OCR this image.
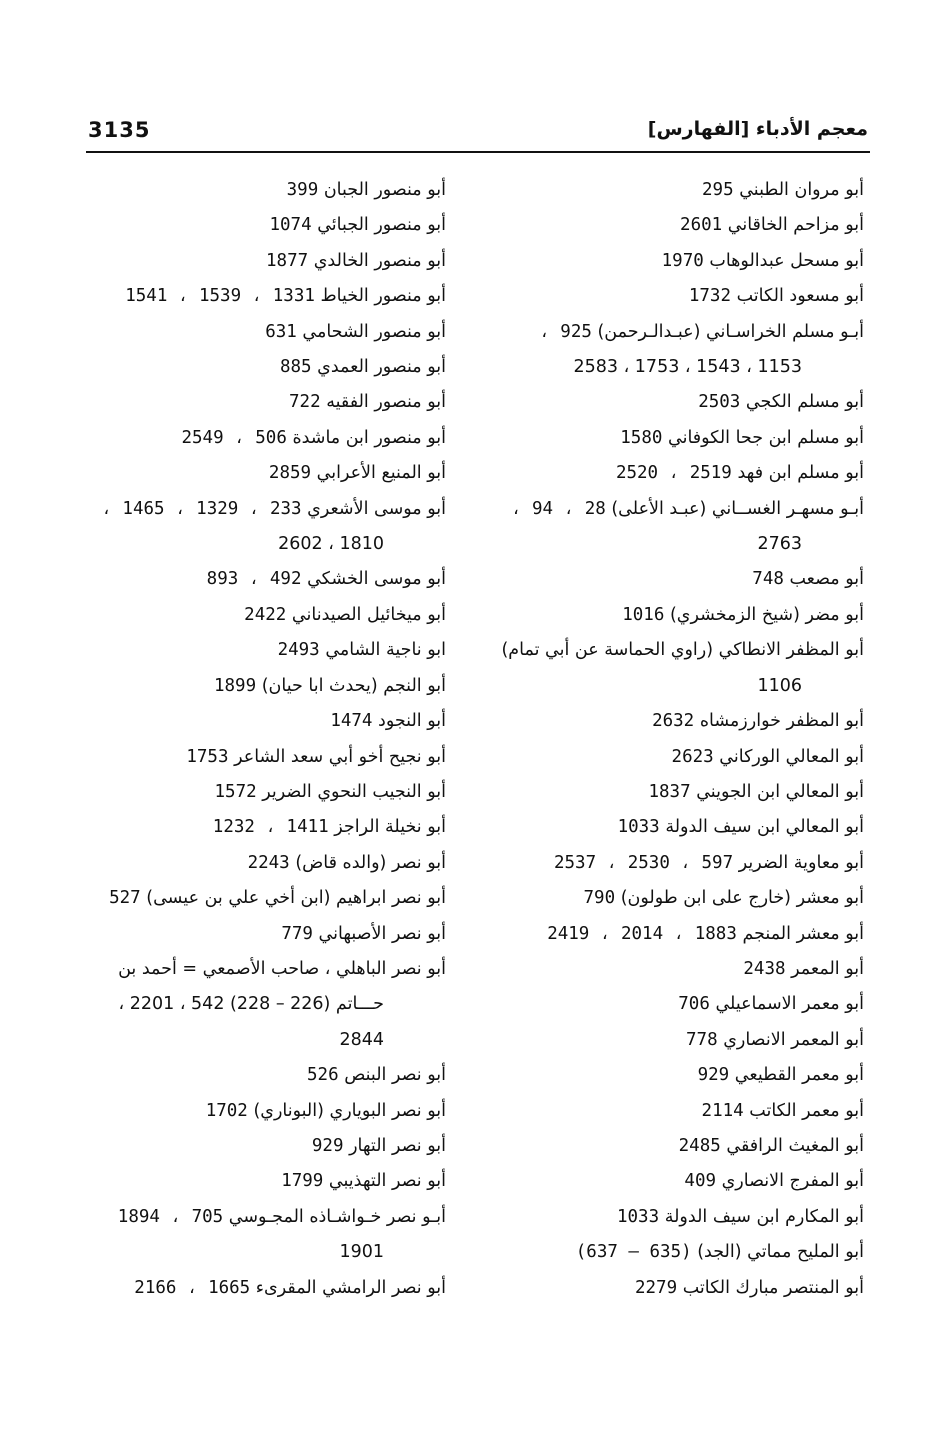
3135	معجم الأدباء [الفهارس]
أبو مروان الطبني 295
أبو مزاحم الخاقاني 2601
أبو مسحل عبدالوهاب 1970
أبو مسعود الكاتب 1732
أبـو مسلم الخراسـاني (عبـدالـرحمن) 925 ،
1153 ، 1543 ، 1753 ، 2583
أبو مسلم الكجي 2503
أبو مسلم ابن جحا الكوفاني 1580
أبو مسلم ابن فهد 2519 ، 2520
أبـو مسهـر الغســاني (عبـد الأعلى) 28 ، 94 ،
2763
أبو مصعب 748
أبو مضر (شيخ الزمخشري) 1016
أبو المظفر الانطاكي (راوي الحماسة عن أبي تمام)
1106
أبو المظفر خوارزمشاه 2632
أبو المعالي الوركاني 2623
أبو المعالي ابن الجويني 1837
أبو المعالي ابن سيف الدولة 1033
أبو معاوية الضرير 597 ، 2530 ، 2537
أبو معشر (خارج على ابن طولون) 790
أبو معشر المنجم 1883 ، 2014 ، 2419
أبو المعمر 2438
أبو معمر الاسماعيلي 706
أبو المعمر الانصاري 778
أبو معمر القطيعي 929
أبو معمر الكاتب 2114
أبو المغيث الرافقي 2485
أبو المفرج الانصاري 409
أبو المكارم ابن سيف الدولة 1033
أبو المليح مماتي (الجد) (635 – 637)
أبو المنتصر مبارك الكاتب 2279
أبو منصور الجبان 399
أبو منصور الجبائي 1074
أبو منصور الخالدي 1877
أبو منصور الخياط 1331 ، 1539 ، 1541
أبو منصور الشحامي 631
أبو منصور العمدي 885
أبو منصور الفقيه 722
أبو منصور ابن ماشدة 506 ، 2549
أبو المنيع الأعرابي 2859
أبو موسى الأشعري 233 ، 1329 ، 1465 ،
1810 ، 2602
أبو موسى الخشكي 492 ، 893
أبو ميخائيل الصيدناني 2422
ابو ناجية الشامي 2493
أبو النجم (يحدث ابا حيان) 1899
أبو النجود 1474
أبو نجيح أخو أبي سعد الشاعر 1753
أبو النجيب النحوي الضرير 1572
أبو نخيلة الراجز 1411 ، 1232
أبو نصر (والده قاض) 2243
أبو نصر ابراهيم (ابن أخي علي بن عيسى) 527
أبو نصر الأصبهاني 779
أبو نصر الباهلي ، صاحب الأصمعي = أحمد بن
حـــاتم (226 – 228) 542 ، 2201 ،
2844
أبو نصر البنص 526
أبو نصر البوياري (البوناري) 1702
أبو نصر التهار 929
أبو نصر التهذيبي 1799
أبـو نصر خـواشـاذه المجـوسي 705 ، 1894
1901
أبو نصر الرامشي المقرىء 1665 ، 2166
